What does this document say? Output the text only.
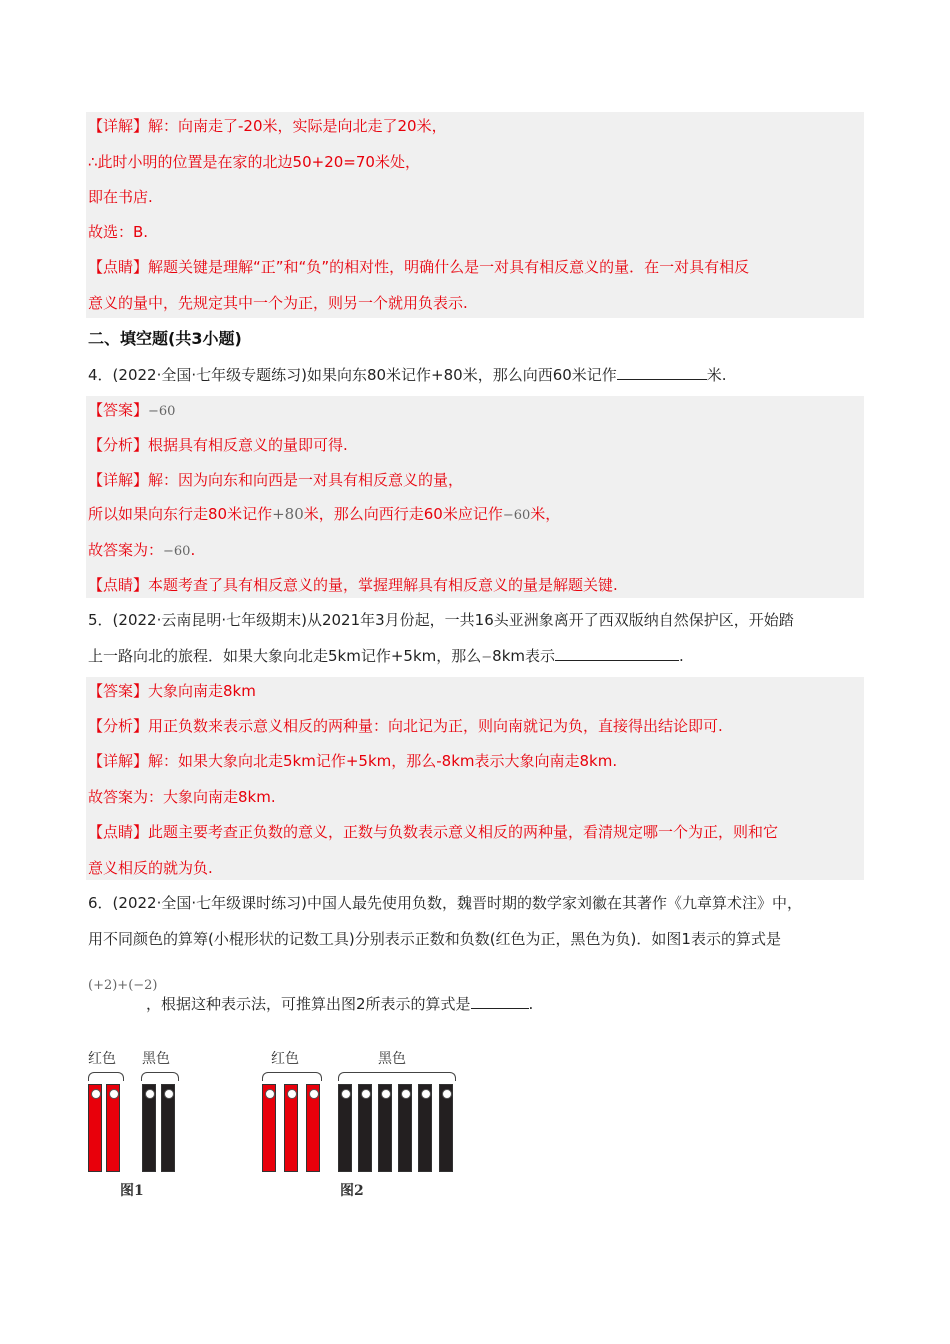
【详解】解：向南走了-20米，实际是向北走了20米，
∴此时小明的位置是在家的北边50+20=70米处，
即在书店.
故选：B.
【点睛】解题关键是理解“正”和“负”的相对性，明确什么是一对具有相反意义的量．在一对具有相反
意义的量中，先规定其中一个为正，则另一个就用负表示.
二、填空题(共3小题)
4．(2022·全国·七年级专题练习)如果向东80米记作+80米，那么向西60米记作	米.
【答案】−60
【分析】根据具有相反意义的量即可得.
【详解】解：因为向东和向西是一对具有相反意义的量，
所以如果向东行走80米记作+80米，那么向西行走60米应记作−60米，
故答案为：−60.
【点睛】本题考查了具有相反意义的量，掌握理解具有相反意义的量是解题关键.
5．(2022·云南昆明·七年级期末)从2021年3月份起，一共16头亚洲象离开了西双版纳自然保护区，开始踏
上一路向北的旅程．如果大象向北走5km记作+5km，那么−8km表示	.
【答案】大象向南走8km
【分析】用正负数来表示意义相反的两种量：向北记为正，则向南就记为负，直接得出结论即可.
【详解】解：如果大象向北走5km记作+5km，那么-8km表示大象向南走8km.
故答案为：大象向南走8km.
【点睛】此题主要考查正负数的意义，正数与负数表示意义相反的两种量，看清规定哪一个为正，则和它
意义相反的就为负.
6．(2022·全国·七年级课时练习)中国人最先使用负数，魏晋时期的数学家刘徽在其著作《九章算术注》中，
用不同颜色的算筹(小棍形状的记数工具)分别表示正数和负数(红色为正，黑色为负)．如图1表示的算式是
(+2)+(−2)
，根据这种表示法，可推算出图2所表示的算式是	.
红色 黑色
图1
红色	黑色
图2
